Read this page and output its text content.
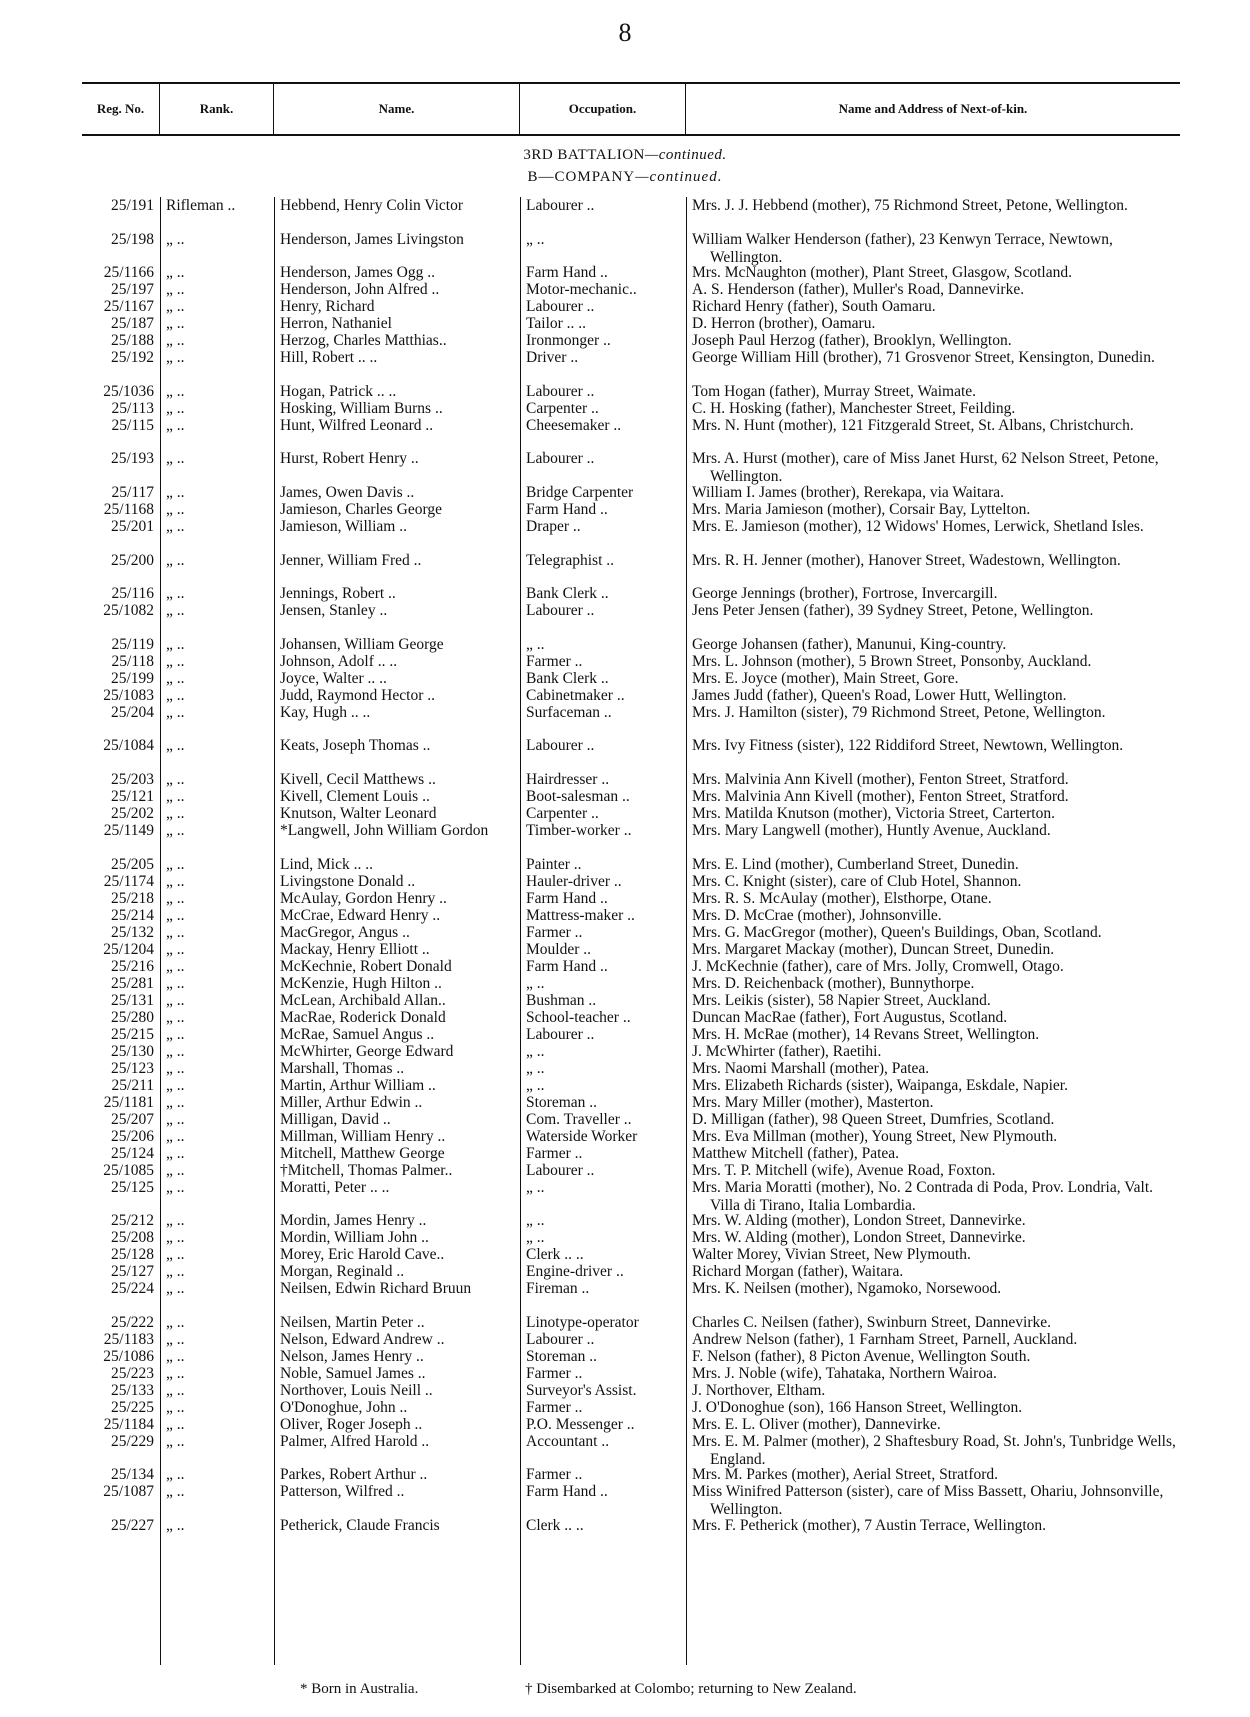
8
Reg. No.	Rank.	Name.	Occupation.	Name and Address of Next-of-kin.
3RD BATTALION—continued.
B—COMPANY—continued.
25/191 Rifleman ..	Hebbend, Henry Colin Victor	Labourer ..	Mrs. J. J. Hebbend (mother), 75 Richmond Street, Petone, Wellington.
25/198 „ ..	Henderson, James Livingston	„ ..	William Walker Henderson (father), 23 Kenwyn Terrace, Newtown, Wellington.
25/1166 „ ..	Henderson, James Ogg ..	Farm Hand ..	Mrs. McNaughton (mother), Plant Street, Glasgow, Scotland.
25/197 „ ..	Henderson, John Alfred ..	Motor-mechanic..	A. S. Henderson (father), Muller's Road, Dannevirke.
25/1167 „ ..	Henry, Richard	Labourer ..	Richard Henry (father), South Oamaru.
25/187 „ ..	Herron, Nathaniel	Tailor .. ..	D. Herron (brother), Oamaru.
25/188 „ ..	Herzog, Charles Matthias..	Ironmonger ..	Joseph Paul Herzog (father), Brooklyn, Wellington.
25/192 „ ..	Hill, Robert .. ..	Driver ..	George William Hill (brother), 71 Grosvenor Street, Kensington, Dunedin.
25/1036 „ ..	Hogan, Patrick .. ..	Labourer ..	Tom Hogan (father), Murray Street, Waimate.
25/113 „ ..	Hosking, William Burns ..	Carpenter ..	C. H. Hosking (father), Manchester Street, Feilding.
25/115 „ ..	Hunt, Wilfred Leonard ..	Cheesemaker ..	Mrs. N. Hunt (mother), 121 Fitzgerald Street, St. Albans, Christchurch.
25/193 „ ..	Hurst, Robert Henry ..	Labourer ..	Mrs. A. Hurst (mother), care of Miss Janet Hurst, 62 Nelson Street, Petone, Wellington.
25/117 „ ..	James, Owen Davis ..	Bridge Carpenter	William I. James (brother), Rerekapa, via Waitara.
25/1168 „ ..	Jamieson, Charles George	Farm Hand ..	Mrs. Maria Jamieson (mother), Corsair Bay, Lyttelton.
25/201 „ ..	Jamieson, William ..	Draper ..	Mrs. E. Jamieson (mother), 12 Widows' Homes, Lerwick, Shetland Isles.
25/200 „ ..	Jenner, William Fred ..	Telegraphist ..	Mrs. R. H. Jenner (mother), Hanover Street, Wadestown, Wellington.
25/116 „ ..	Jennings, Robert ..	Bank Clerk ..	George Jennings (brother), Fortrose, Invercargill.
25/1082 „ ..	Jensen, Stanley ..	Labourer ..	Jens Peter Jensen (father), 39 Sydney Street, Petone, Wellington.
25/119 „ ..	Johansen, William George	„ ..	George Johansen (father), Manunui, King-country.
25/118 „ ..	Johnson, Adolf .. ..	Farmer ..	Mrs. L. Johnson (mother), 5 Brown Street, Ponsonby, Auckland.
25/199 „ ..	Joyce, Walter .. ..	Bank Clerk ..	Mrs. E. Joyce (mother), Main Street, Gore.
25/1083 „ ..	Judd, Raymond Hector ..	Cabinetmaker ..	James Judd (father), Queen's Road, Lower Hutt, Wellington.
25/204 „ ..	Kay, Hugh .. ..	Surfaceman ..	Mrs. J. Hamilton (sister), 79 Richmond Street, Petone, Wellington.
25/1084 „ ..	Keats, Joseph Thomas ..	Labourer ..	Mrs. Ivy Fitness (sister), 122 Riddiford Street, Newtown, Wellington.
25/203 „ ..	Kivell, Cecil Matthews ..	Hairdresser ..	Mrs. Malvinia Ann Kivell (mother), Fenton Street, Stratford.
25/121 „ ..	Kivell, Clement Louis ..	Boot-salesman ..	Mrs. Malvinia Ann Kivell (mother), Fenton Street, Stratford.
25/202 „ ..	Knutson, Walter Leonard	Carpenter ..	Mrs. Matilda Knutson (mother), Victoria Street, Carterton.
25/1149 „ ..	*Langwell, John William Gordon	Timber-worker ..	Mrs. Mary Langwell (mother), Huntly Avenue, Auckland.
25/205 „ ..	Lind, Mick .. ..	Painter ..	Mrs. E. Lind (mother), Cumberland Street, Dunedin.
25/1174 „ ..	Livingstone Donald ..	Hauler-driver ..	Mrs. C. Knight (sister), care of Club Hotel, Shannon.
25/218 „ ..	McAulay, Gordon Henry ..	Farm Hand ..	Mrs. R. S. McAulay (mother), Elsthorpe, Otane.
25/214 „ ..	McCrae, Edward Henry ..	Mattress-maker ..	Mrs. D. McCrae (mother), Johnsonville.
25/132 „ ..	MacGregor, Angus ..	Farmer ..	Mrs. G. MacGregor (mother), Queen's Buildings, Oban, Scotland.
25/1204 „ ..	Mackay, Henry Elliott ..	Moulder ..	Mrs. Margaret Mackay (mother), Duncan Street, Dunedin.
25/216 „ ..	McKechnie, Robert Donald	Farm Hand ..	J. McKechnie (father), care of Mrs. Jolly, Cromwell, Otago.
25/281 „ ..	McKenzie, Hugh Hilton ..	„ ..	Mrs. D. Reichenback (mother), Bunnythorpe.
25/131 „ ..	McLean, Archibald Allan..	Bushman ..	Mrs. Leikis (sister), 58 Napier Street, Auckland.
25/280 „ ..	MacRae, Roderick Donald	School-teacher ..	Duncan MacRae (father), Fort Augustus, Scotland.
25/215 „ ..	McRae, Samuel Angus ..	Labourer ..	Mrs. H. McRae (mother), 14 Revans Street, Wellington.
25/130 „ ..	McWhirter, George Edward	„ ..	J. McWhirter (father), Raetihi.
25/123 „ ..	Marshall, Thomas ..	„ ..	Mrs. Naomi Marshall (mother), Patea.
25/211 „ ..	Martin, Arthur William ..	„ ..	Mrs. Elizabeth Richards (sister), Waipanga, Eskdale, Napier.
25/1181 „ ..	Miller, Arthur Edwin ..	Storeman ..	Mrs. Mary Miller (mother), Masterton.
25/207 „ ..	Milligan, David ..	Com. Traveller ..	D. Milligan (father), 98 Queen Street, Dumfries, Scotland.
25/206 „ ..	Millman, William Henry ..	Waterside Worker	Mrs. Eva Millman (mother), Young Street, New Plymouth.
25/124 „ ..	Mitchell, Matthew George	Farmer ..	Matthew Mitchell (father), Patea.
25/1085 „ ..	†Mitchell, Thomas Palmer..	Labourer ..	Mrs. T. P. Mitchell (wife), Avenue Road, Foxton.
25/125 „ ..	Moratti, Peter .. ..	„ ..	Mrs. Maria Moratti (mother), No. 2 Contrada di Poda, Prov. Londria, Valt. Villa di Tirano, Italia Lombardia.
25/212 „ ..	Mordin, James Henry ..	„ ..	Mrs. W. Alding (mother), London Street, Dannevirke.
25/208 „ ..	Mordin, William John ..	„ ..	Mrs. W. Alding (mother), London Street, Dannevirke.
25/128 „ ..	Morey, Eric Harold Cave..	Clerk .. ..	Walter Morey, Vivian Street, New Plymouth.
25/127 „ ..	Morgan, Reginald ..	Engine-driver ..	Richard Morgan (father), Waitara.
25/224 „ ..	Neilsen, Edwin Richard Bruun	Fireman ..	Mrs. K. Neilsen (mother), Ngamoko, Norsewood.
25/222 „ ..	Neilsen, Martin Peter ..	Linotype-operator	Charles C. Neilsen (father), Swinburn Street, Dannevirke.
25/1183 „ ..	Nelson, Edward Andrew ..	Labourer ..	Andrew Nelson (father), 1 Farnham Street, Parnell, Auckland.
25/1086 „ ..	Nelson, James Henry ..	Storeman ..	F. Nelson (father), 8 Picton Avenue, Wellington South.
25/223 „ ..	Noble, Samuel James ..	Farmer ..	Mrs. J. Noble (wife), Tahataka, Northern Wairoa.
25/133 „ ..	Northover, Louis Neill ..	Surveyor's Assist.	J. Northover, Eltham.
25/225 „ ..	O'Donoghue, John ..	Farmer ..	J. O'Donoghue (son), 166 Hanson Street, Wellington.
25/1184 „ ..	Oliver, Roger Joseph ..	P.O. Messenger ..	Mrs. E. L. Oliver (mother), Dannevirke.
25/229 „ ..	Palmer, Alfred Harold ..	Accountant ..	Mrs. E. M. Palmer (mother), 2 Shaftesbury Road, St. John's, Tunbridge Wells, England.
25/134 „ ..	Parkes, Robert Arthur ..	Farmer ..	Mrs. M. Parkes (mother), Aerial Street, Stratford.
25/1087 „ ..	Patterson, Wilfred ..	Farm Hand ..	Miss Winifred Patterson (sister), care of Miss Bassett, Ohariu, Johnsonville, Wellington.
25/227 „ ..	Petherick, Claude Francis	Clerk .. ..	Mrs. F. Petherick (mother), 7 Austin Terrace, Wellington.
* Born in Australia.	† Disembarked at Colombo; returning to New Zealand.
